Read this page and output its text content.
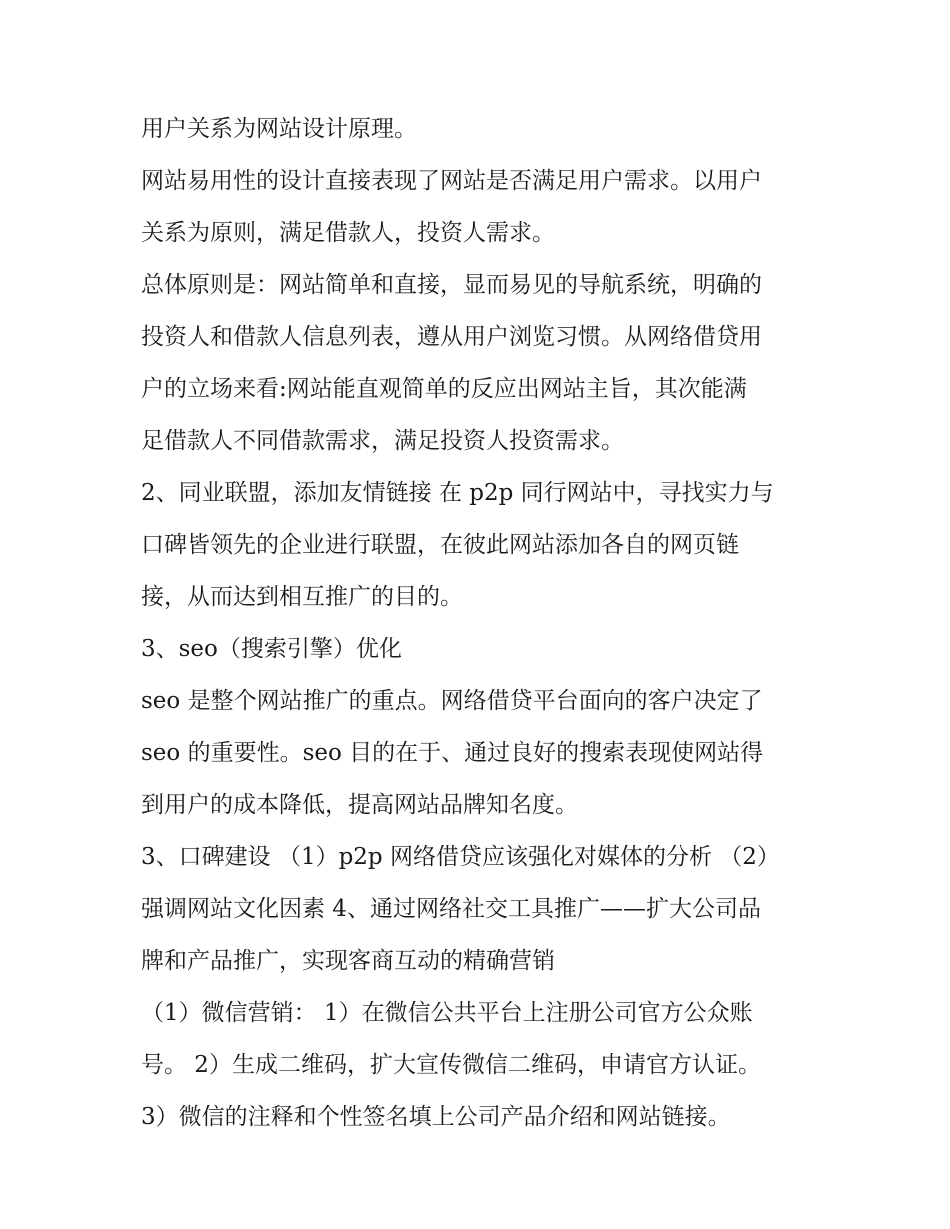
用户关系为网站设计原理。
网站易用性的设计直接表现了网站是否满足用户需求。以用户
关系为原则，满足借款人，投资人需求。
总体原则是：网站简单和直接，显而易见的导航系统，明确的
投资人和借款人信息列表，遵从用户浏览习惯。从网络借贷用
户的立场来看:网站能直观简单的反应出网站主旨，其次能满
足借款人不同借款需求，满足投资人投资需求。
2、同业联盟，添加友情链接 在 p2p 同行网站中，寻找实力与
口碑皆领先的企业进行联盟，在彼此网站添加各自的网页链
接，从而达到相互推广的目的。
3、seo（搜索引擎）优化
seo 是整个网站推广的重点。网络借贷平台面向的客户决定了
seo 的重要性。seo 目的在于、通过良好的搜索表现使网站得
到用户的成本降低，提高网站品牌知名度。
3、口碑建设 （1）p2p 网络借贷应该强化对媒体的分析 （2）
强调网站文化因素 4、通过网络社交工具推广——扩大公司品
牌和产品推广，实现客商互动的精确营销
（1）微信营销： 1）在微信公共平台上注册公司官方公众账
号。 2）生成二维码，扩大宣传微信二维码，申请官方认证。
3）微信的注释和个性签名填上公司产品介绍和网站链接。
